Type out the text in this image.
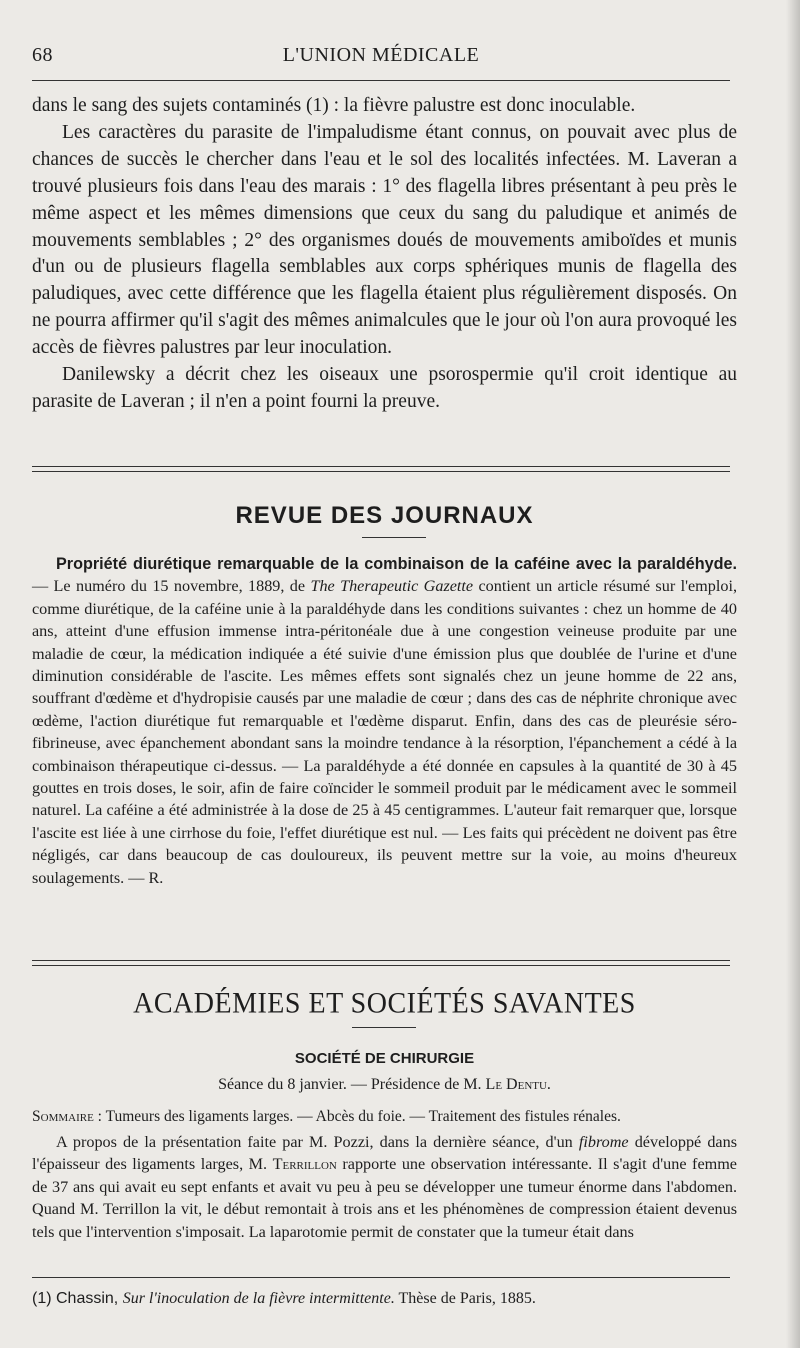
68	L'UNION MÉDICALE

dans le sang des sujets contaminés (1) : la fièvre palustre est donc inoculable.

Les caractères du parasite de l'impaludisme étant connus, on pouvait avec plus de chances de succès le chercher dans l'eau et le sol des localités infectées. M. Laveran a trouvé plusieurs fois dans l'eau des marais : 1° des flagella libres présentant à peu près le même aspect et les mêmes dimensions que ceux du sang du paludique et animés de mouvements semblables ; 2° des organismes doués de mouvements amiboïdes et munis d'un ou de plusieurs flagella semblables aux corps sphériques munis de flagella des paludiques, avec cette différence que les flagella étaient plus régulièrement disposés. On ne pourra affirmer qu'il s'agit des mêmes animalcules que le jour où l'on aura provoqué les accès de fièvres palustres par leur inoculation.

Danilewsky a décrit chez les oiseaux une psorospermie qu'il croit identique au parasite de Laveran ; il n'en a point fourni la preuve.

REVUE DES JOURNAUX

Propriété diurétique remarquable de la combinaison de la caféine avec la paraldéhyde.— Le numéro du 15 novembre, 1889, de The Therapeutic Gazette contient un article résumé sur l'emploi, comme diurétique, de la caféine unie à la paraldéhyde dans les conditions suivantes : chez un homme de 40 ans, atteint d'une effusion immense intra-péritonéale due à une congestion veineuse produite par une maladie de cœur, la médication indiquée a été suivie d'une émission plus que doublée de l'urine et d'une diminution considérable de l'ascite. Les mêmes effets sont signalés chez un jeune homme de 22 ans, souffrant d'œdème et d'hydropisie causés par une maladie de cœur ; dans des cas de néphrite chronique avec œdème, l'action diurétique fut remarquable et l'œdème disparut. Enfin, dans des cas de pleurésie séro-fibrineuse, avec épanchement abondant sans la moindre tendance à la résorption, l'épanchement a cédé à la combinaison thérapeutique ci-dessus. — La paraldéhyde a été donnée en capsules à la quantité de 30 à 45 gouttes en trois doses, le soir, afin de faire coïncider le sommeil produit par le médicament avec le sommeil naturel. La caféine a été administrée à la dose de 25 à 45 centigrammes. L'auteur fait remarquer que, lorsque l'ascite est liée à une cirrhose du foie, l'effet diurétique est nul. — Les faits qui précèdent ne doivent pas être négligés, car dans beaucoup de cas douloureux, ils peuvent mettre sur la voie, au moins d'heureux soulagements. — R.

ACADÉMIES ET SOCIÉTÉS SAVANTES
SOCIÉTÉ DE CHIRURGIE
Séance du 8 janvier. — Présidence de M. Le Dentu.
Sommaire : Tumeurs des ligaments larges. — Abcès du foie. — Traitement des fistules rénales.

A propos de la présentation faite par M. Pozzi, dans la dernière séance, d'un fibrome développé dans l'épaisseur des ligaments larges, M. Terrillon rapporte une observation intéressante. Il s'agit d'une femme de 37 ans qui avait eu sept enfants et avait vu peu à peu se développer une tumeur énorme dans l'abdomen. Quand M. Terrillon la vit, le début remontait à trois ans et les phénomènes de compression étaient devenus tels que l'intervention s'imposait. La laparotomie permit de constater que la tumeur était dans

(1) Chassin, Sur l'inoculation de la fièvre intermittente. Thèse de Paris, 1885.
